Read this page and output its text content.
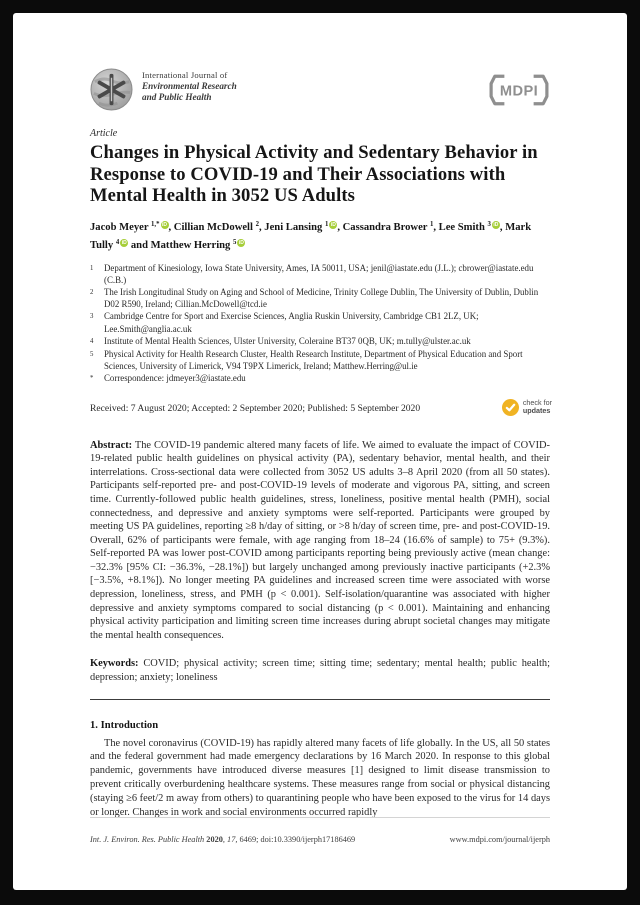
International Journal of
Environmental Research
and Public Health	MDPI
Article
Changes in Physical Activity and Sedentary Behavior in Response to COVID-19 and Their Associations with Mental Health in 3052 US Adults
Jacob Meyer $^{1,*}$ iD , Cillian McDowell $^2$, Jeni Lansing $^1$ iD , Cassandra Brower $^1$, Lee Smith $^3$ iD , Mark Tully $^4$ iD and Matthew Herring $^5$ iD
1	Department of Kinesiology, Iowa State University, Ames, IA 50011, USA; jenil@iastate.edu (J.L.); cbrower@iastate.edu (C.B.)
2	The Irish Longitudinal Study on Aging and School of Medicine, Trinity College Dublin, The University of Dublin, Dublin D02 R590, Ireland; Cillian.McDowell@tcd.ie
3	Cambridge Centre for Sport and Exercise Sciences, Anglia Ruskin University, Cambridge CB1 2LZ, UK; Lee.Smith@anglia.ac.uk
4	Institute of Mental Health Sciences, Ulster University, Coleraine BT37 0QB, UK; m.tully@ulster.ac.uk
5	Physical Activity for Health Research Cluster, Health Research Institute, Department of Physical Education and Sport Sciences, University of Limerick, V94 T9PX Limerick, Ireland; Matthew.Herring@ul.ie
*	Correspondence: jdmeyer3@iastate.edu
Received: 7 August 2020; Accepted: 2 September 2020; Published: 5 September 2020	check for
updates

Abstract: The COVID-19 pandemic altered many facets of life. We aimed to evaluate the impact of COVID-19-related public health guidelines on physical activity (PA), sedentary behavior, mental health, and their interrelations. Cross-sectional data were collected from 3052 US adults 3–8 April 2020 (from all 50 states). Participants self-reported pre- and post-COVID-19 levels of moderate and vigorous PA, sitting, and screen time. Currently-followed public health guidelines, stress, loneliness, positive mental health (PMH), social connectedness, and depressive and anxiety symptoms were self-reported. Participants were grouped by meeting US PA guidelines, reporting ≥8 h/day of sitting, or >8 h/day of screen time, pre- and post-COVID-19. Overall, 62% of participants were female, with age ranging from 18–24 (16.6% of sample) to 75+ (9.3%). Self-reported PA was lower post-COVID among participants reporting being previously active (mean change: −32.3% [95% CI: −36.3%, −28.1%]) but largely unchanged among previously inactive participants (+2.3% [−3.5%, +8.1%]). No longer meeting PA guidelines and increased screen time were associated with worse depression, loneliness, stress, and PMH (p < 0.001). Self-isolation/quarantine was associated with higher depressive and anxiety symptoms compared to social distancing (p < 0.001). Maintaining and enhancing physical activity participation and limiting screen time increases during abrupt societal changes may mitigate the mental health consequences.

Keywords: COVID; physical activity; screen time; sitting time; sedentary; mental health; public health; depression; anxiety; loneliness

1. Introduction

The novel coronavirus (COVID-19) has rapidly altered many facets of life globally. In the US, all 50 states and the federal government had made emergency declarations by 16 March 2020. In response to this global pandemic, governments have introduced diverse measures [1] designed to limit disease transmission to prevent critically overburdening healthcare systems. These measures range from social or physical distancing (staying ≥6 feet/2 m away from others) to quarantining people who have been exposed to the virus for 14 days or longer. Changes in work and social environments occurred rapidly

Int. J. Environ. Res. Public Health 2020, 17, 6469; doi:10.3390/ijerph17186469	www.mdpi.com/journal/ijerph
